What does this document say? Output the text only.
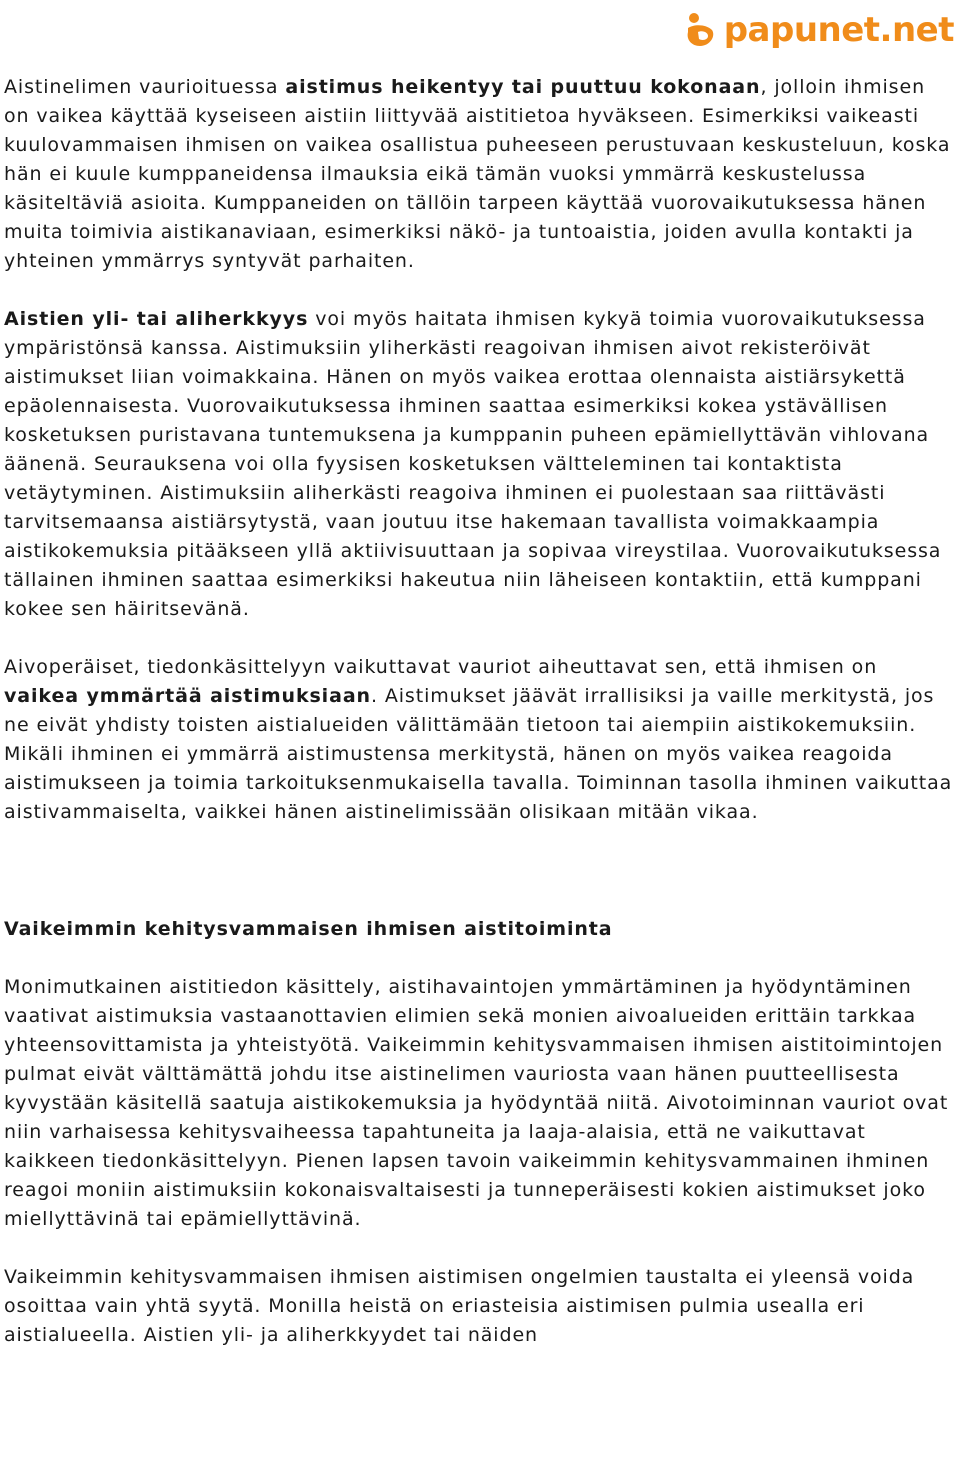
papunet.net

Aistinelimen vaurioituessa aistimus heikentyy tai puuttuu kokonaan, jolloin ihmisen on vaikea käyttää kyseiseen aistiin liittyvää aistitietoa hyväkseen. Esimerkiksi vaikeasti kuulovammaisen ihmisen on vaikea osallistua puheeseen perustuvaan keskusteluun, koska hän ei kuule kumppaneidensa ilmauksia eikä tämän vuoksi ymmärrä keskustelussa käsiteltäviä asioita. Kumppaneiden on tällöin tarpeen käyttää vuorovaikutuksessa hänen muita toimivia aistikanaviaan, esimerkiksi näkö- ja tuntoaistia, joiden avulla kontakti ja yhteinen ymmärrys syntyvät parhaiten.

Aistien yli- tai aliherkkyys voi myös haitata ihmisen kykyä toimia vuorovaikutuksessa ympäristönsä kanssa. Aistimuksiin yliherkästi reagoivan ihmisen aivot rekisteröivät aistimukset liian voimakkaina. Hänen on myös vaikea erottaa olennaista aistiärsykettä epäolennaisesta. Vuorovaikutuksessa ihminen saattaa esimerkiksi kokea ystävällisen kosketuksen puristavana tuntemuksena ja kumppanin puheen epämiellyttävän vihlovana äänenä. Seurauksena voi olla fyysisen kosketuksen välttelеminen tai kontaktista vetäytyminen. Aistimuksiin aliherkästi reagoiva ihminen ei puolestaan saa riittävästi tarvitsemaansa aistiärsytystä, vaan joutuu itse hakemaan tavallista voimakkaampia aistikokemuksia pitääkseen yllä aktiivisuuttaan ja sopivaa vireystilaa. Vuorovaikutuksessa tällainen ihminen saattaa esimerkiksi hakeutua niin läheiseen kontaktiin, että kumppani kokee sen häiritsevänä.

Aivoperäiset, tiedonkäsittelyyn vaikuttavat vauriot aiheuttavat sen, että ihmisen on vaikea ymmärtää aistimuksiaan. Aistimukset jäävät irrallisiksi ja vaille merkitystä, jos ne eivät yhdisty toisten aistialueiden välittämään tietoon tai aiempiin aistikokemuksiin. Mikäli ihminen ei ymmärrä aistimustensa merkitystä, hänen on myös vaikea reagoida aistimukseen ja toimia tarkoituksenmukaisella tavalla. Toiminnan tasolla ihminen vaikuttaa aistivammaiselta, vaikkei hänen aistinelimissään olisikaan mitään vikaa.

Vaikeimmin kehitysvammaisen ihmisen aistitoiminta

Monimutkainen aistitiedon käsittely, aistihavaintojen ymmärtäminen ja hyödyntäminen vaativat aistimuksia vastaanottavien elimien sekä monien aivoalueiden erittäin tarkkaa yhteensovittamista ja yhteistyötä. Vaikeimmin kehitysvammaisen ihmisen aistitoimintojen pulmat eivät välttämättä johdu itse aistinelimen vauriosta vaan hänen puutteellisesta kyvystään käsitellä saatuja aistikokemuksia ja hyödyntää niitä. Aivotoiminnan vauriot ovat niin varhaisessa kehitysvaiheessa tapahtuneita ja laaja-alaisia, että ne vaikuttavat kaikkeen tiedonkäsittelyyn. Pienen lapsen tavoin vaikeimmin kehitysvammainen ihminen reagoi moniin aistimuksiin kokonaisvaltaisesti ja tunneperäisesti kokien aistimukset joko miellyttävinä tai epämiellyttävinä.

Vaikeimmin kehitysvammaisen ihmisen aistimisen ongelmien taustalta ei yleensä voida osoittaa vain yhtä syytä. Monilla heistä on eriasteisia aistimisen pulmia usealla eri aistialueella. Aistien yli- ja aliherkkyydet tai näiden
